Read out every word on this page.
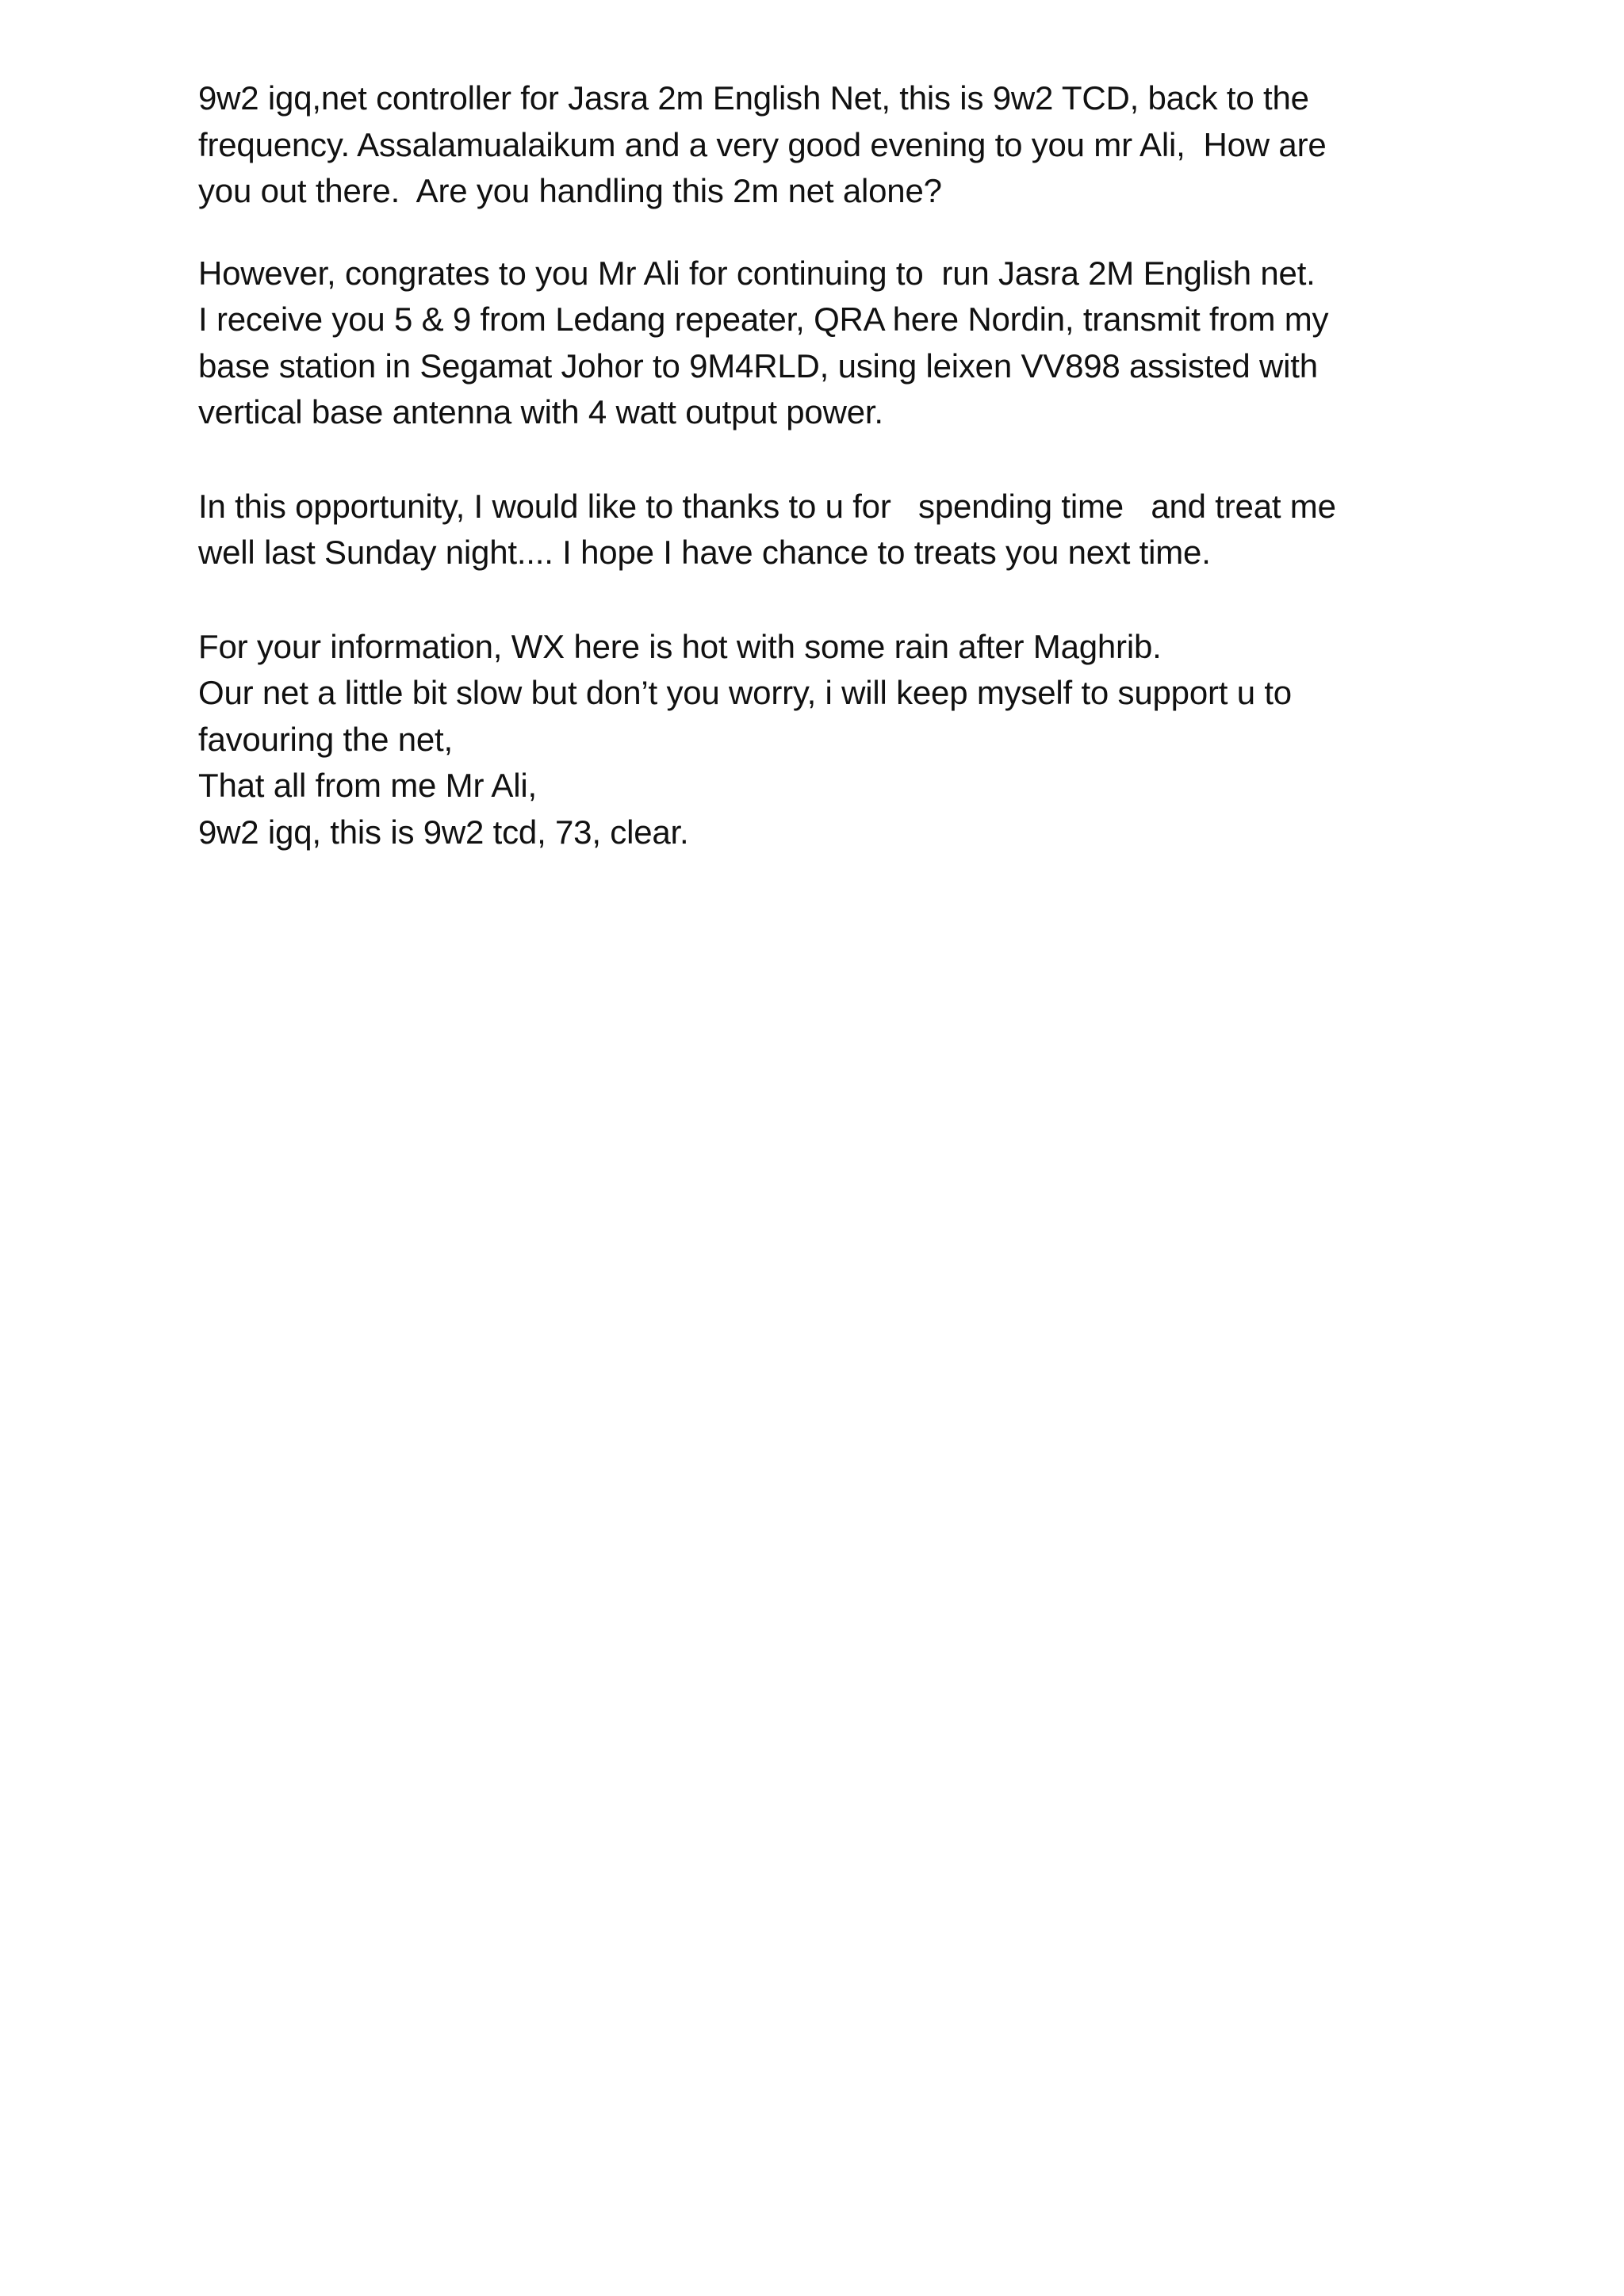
9w2 igq,net controller for Jasra 2m English Net, this is 9w2 TCD, back to the
frequency. Assalamualaikum and a very good evening to you mr Ali,  How are
you out there.  Are you handling this 2m net alone?
However, congrates to you Mr Ali for continuing to  run Jasra 2M English net.
I receive you 5 & 9 from Ledang repeater, QRA here Nordin, transmit from my
base station in Segamat Johor to 9M4RLD, using leixen VV898 assisted with
vertical base antenna with 4 watt output power.
In this opportunity, I would like to thanks to u for   spending time   and treat me
well last Sunday night.... I hope I have chance to treats you next time.
For your information, WX here is hot with some rain after Maghrib.
Our net a little bit slow but don’t you worry, i will keep myself to support u to
favouring the net,
That all from me Mr Ali,
9w2 igq, this is 9w2 tcd, 73, clear.
